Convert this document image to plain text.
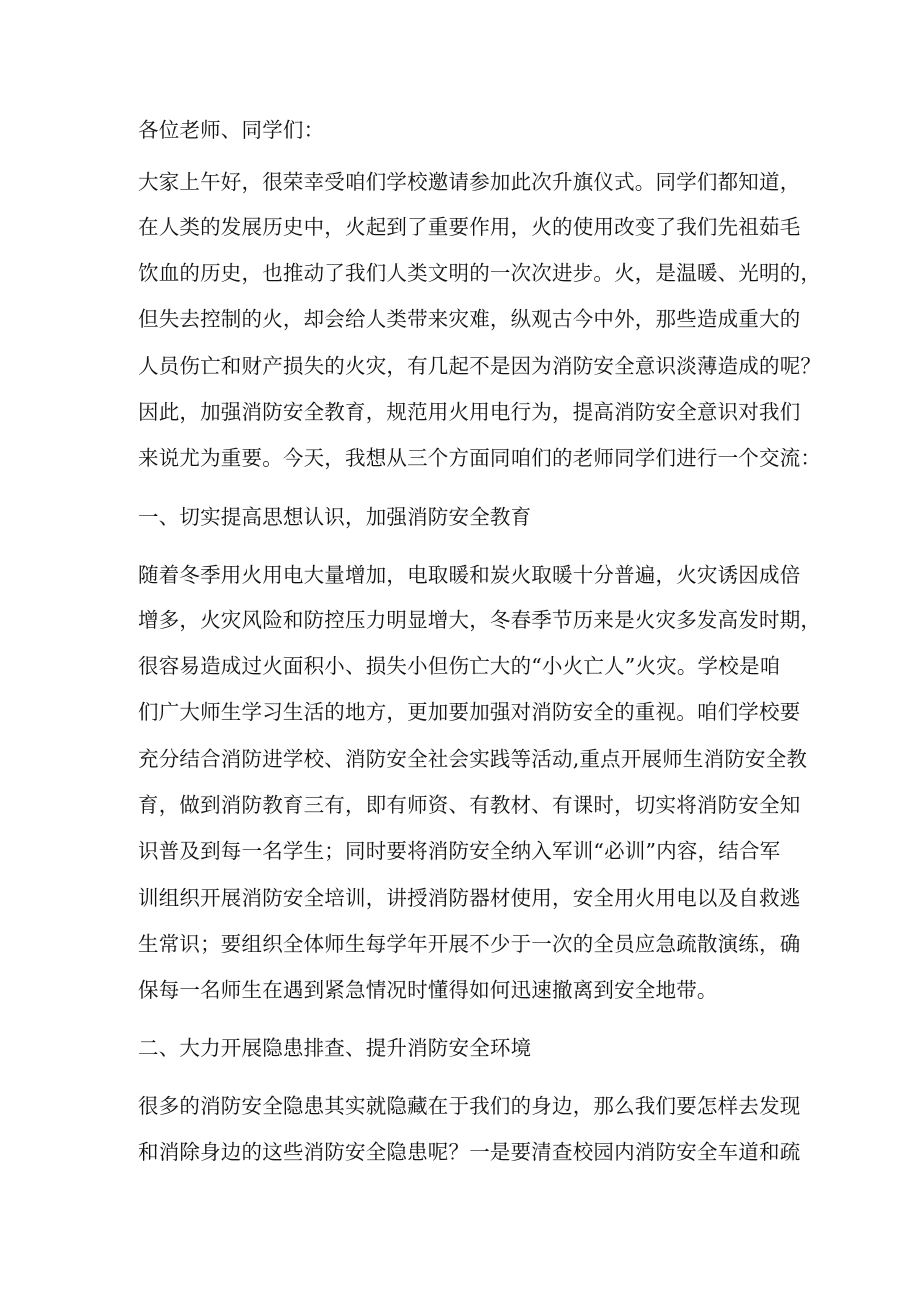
各位老师、同学们：
大家上午好，很荣幸受咱们学校邀请参加此次升旗仪式。同学们都知道，
在人类的发展历史中，火起到了重要作用，火的使用改变了我们先祖茹毛
饮血的历史，也推动了我们人类文明的一次次进步。火，是温暖、光明的，
但失去控制的火，却会给人类带来灾难，纵观古今中外，那些造成重大的
人员伤亡和财产损失的火灾，有几起不是因为消防安全意识淡薄造成的呢？
因此，加强消防安全教育，规范用火用电行为，提高消防安全意识对我们
来说尤为重要。今天，我想从三个方面同咱们的老师同学们进行一个交流：
一、切实提高思想认识，加强消防安全教育
随着冬季用火用电大量增加，电取暖和炭火取暖十分普遍，火灾诱因成倍
增多，火灾风险和防控压力明显增大，冬春季节历来是火灾多发高发时期，
很容易造成过火面积小、损失小但伤亡大的“小火亡人”火灾。学校是咱
们广大师生学习生活的地方，更加要加强对消防安全的重视。咱们学校要
充分结合消防进学校、消防安全社会实践等活动,重点开展师生消防安全教
育，做到消防教育三有，即有师资、有教材、有课时，切实将消防安全知
识普及到每一名学生；同时要将消防安全纳入军训“必训”内容，结合军
训组织开展消防安全培训，讲授消防器材使用，安全用火用电以及自救逃
生常识；要组织全体师生每学年开展不少于一次的全员应急疏散演练，确
保每一名师生在遇到紧急情况时懂得如何迅速撤离到安全地带。
二、大力开展隐患排查、提升消防安全环境
很多的消防安全隐患其实就隐藏在于我们的身边，那么我们要怎样去发现
和消除身边的这些消防安全隐患呢？一是要清查校园内消防安全车道和疏
